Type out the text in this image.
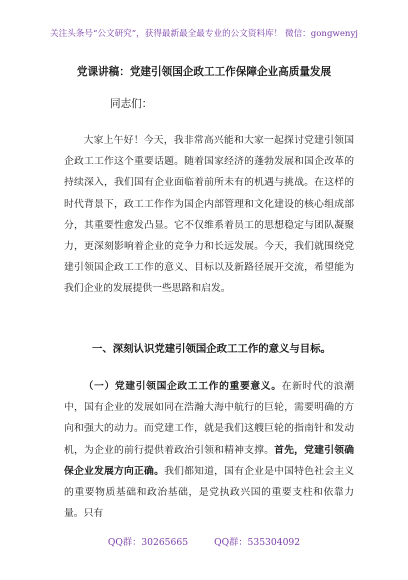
关注头条号“公文研究”，获得最新最全最专业的公文资料库！ 微信：gongwenyj
党课讲稿：党建引领国企政工工作保障企业高质量发展
同志们：

大家上午好！今天，我非常高兴能和大家一起探讨党建引领国企政工工作这个重要话题。随着国家经济的蓬勃发展和国企改革的持续深入，我们国有企业面临着前所未有的机遇与挑战。在这样的时代背景下，政工工作作为国企内部管理和文化建设的核心组成部分，其重要性愈发凸显。它不仅维系着员工的思想稳定与团队凝聚力，更深刻影响着企业的竞争力和长远发展。今天，我们就围绕党建引领国企政工工作的意义、目标以及新路径展开交流，希望能为我们企业的发展提供一些思路和启发。

一、深刻认识党建引领国企政工工作的意义与目标。

（一）党建引领国企政工工作的重要意义。在新时代的浪潮中，国有企业的发展如同在浩瀚大海中航行的巨轮，需要明确的方向和强大的动力。而党建工作，就是我们这艘巨轮的指南针和发动机，为企业的前行提供着政治引领和精神支撑。首先，党建引领确保企业发展方向正确。我们都知道，国有企业是中国特色社会主义的重要物质基础和政治基础，是党执政兴国的重要支柱和依靠力量。只有

QQ群：30265665	QQ群：535304092
